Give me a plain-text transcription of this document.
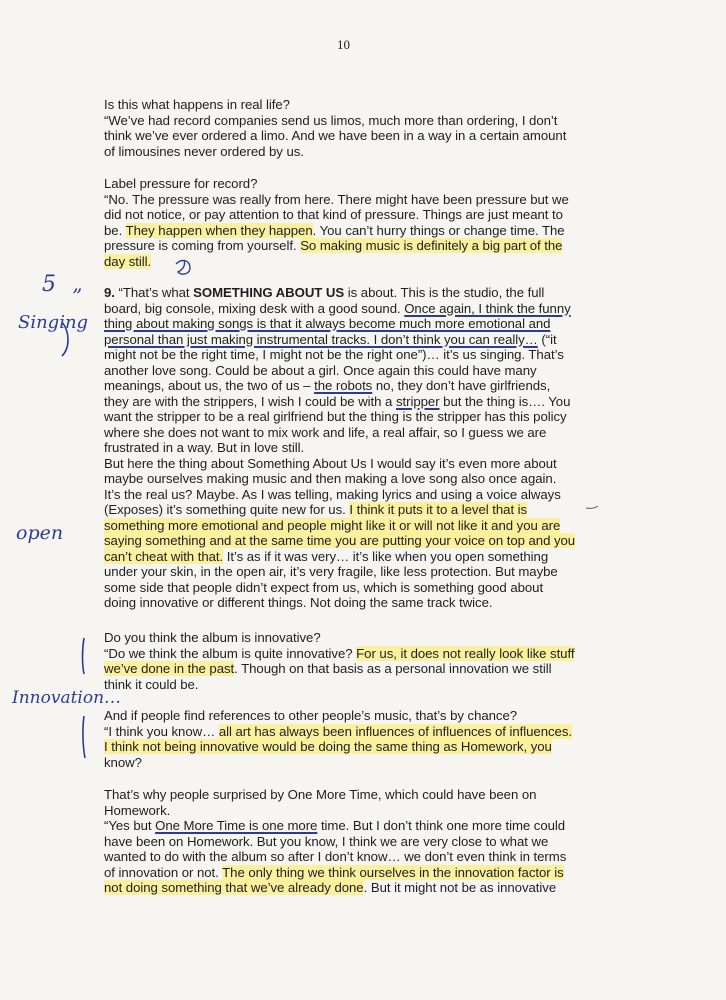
10
Is this what happens in real life?
“We’ve had record companies send us limos, much more than ordering, I don’t
think we’ve ever ordered a limo. And we have been in a way in a certain amount
of limousines never ordered by us.
Label pressure for record?
“No. The pressure was really from here. There might have been pressure but we
did not notice, or pay attention to that kind of pressure. Things are just meant to
be. They happen when they happen. You can’t hurry things or change time. The
pressure is coming from yourself. So making music is definitely a big part of the
day still.
9. “That’s what SOMETHING ABOUT US is about. This is the studio, the full
board, big console, mixing desk with a good sound. Once again, I think the funny
thing about making songs is that it always become much more emotional and
personal than just making instrumental tracks. I don’t think you can really… (“it
might not be the right time, I might not be the right one”)… it’s us singing. That’s
another love song. Could be about a girl. Once again this could have many
meanings, about us, the two of us – the robots no, they don’t have girlfriends,
they are with the strippers, I wish I could be with a stripper but the thing is…. You
want the stripper to be a real girlfriend but the thing is the stripper has this policy
where she does not want to mix work and life, a real affair, so I guess we are
frustrated in a way. But in love still.
But here the thing about Something About Us I would say it’s even more about
maybe ourselves making music and then making a love song also once again.
It’s the real us? Maybe. As I was telling, making lyrics and using a voice always
(Exposes) it’s something quite new for us. I think it puts it to a level that is
something more emotional and people might like it or will not like it and you are
saying something and at the same time you are putting your voice on top and you
can’t cheat with that. It’s as if it was very… it’s like when you open something
under your skin, in the open air, it’s very fragile, like less protection. But maybe
some side that people didn’t expect from us, which is something good about
doing innovative or different things. Not doing the same track twice.
Do you think the album is innovative?
“Do we think the album is quite innovative? For us, it does not really look like stuff
we’ve done in the past. Though on that basis as a personal innovation we still
think it could be.
And if people find references to other people’s music, that’s by chance?
“I think you know… all art has always been influences of influences of influences.
I think not being innovative would be doing the same thing as Homework, you
know?
That’s why people surprised by One More Time, which could have been on
Homework.
“Yes but One More Time is one more time. But I don’t think one more time could
have been on Homework. But you know, I think we are very close to what we
wanted to do with the album so after I don’t know… we don’t even think in terms
of innovation or not. The only thing we think ourselves in the innovation factor is
not doing something that we’ve already done. But it might not be as innovative
5 ”
Singing
open
Innovation…
